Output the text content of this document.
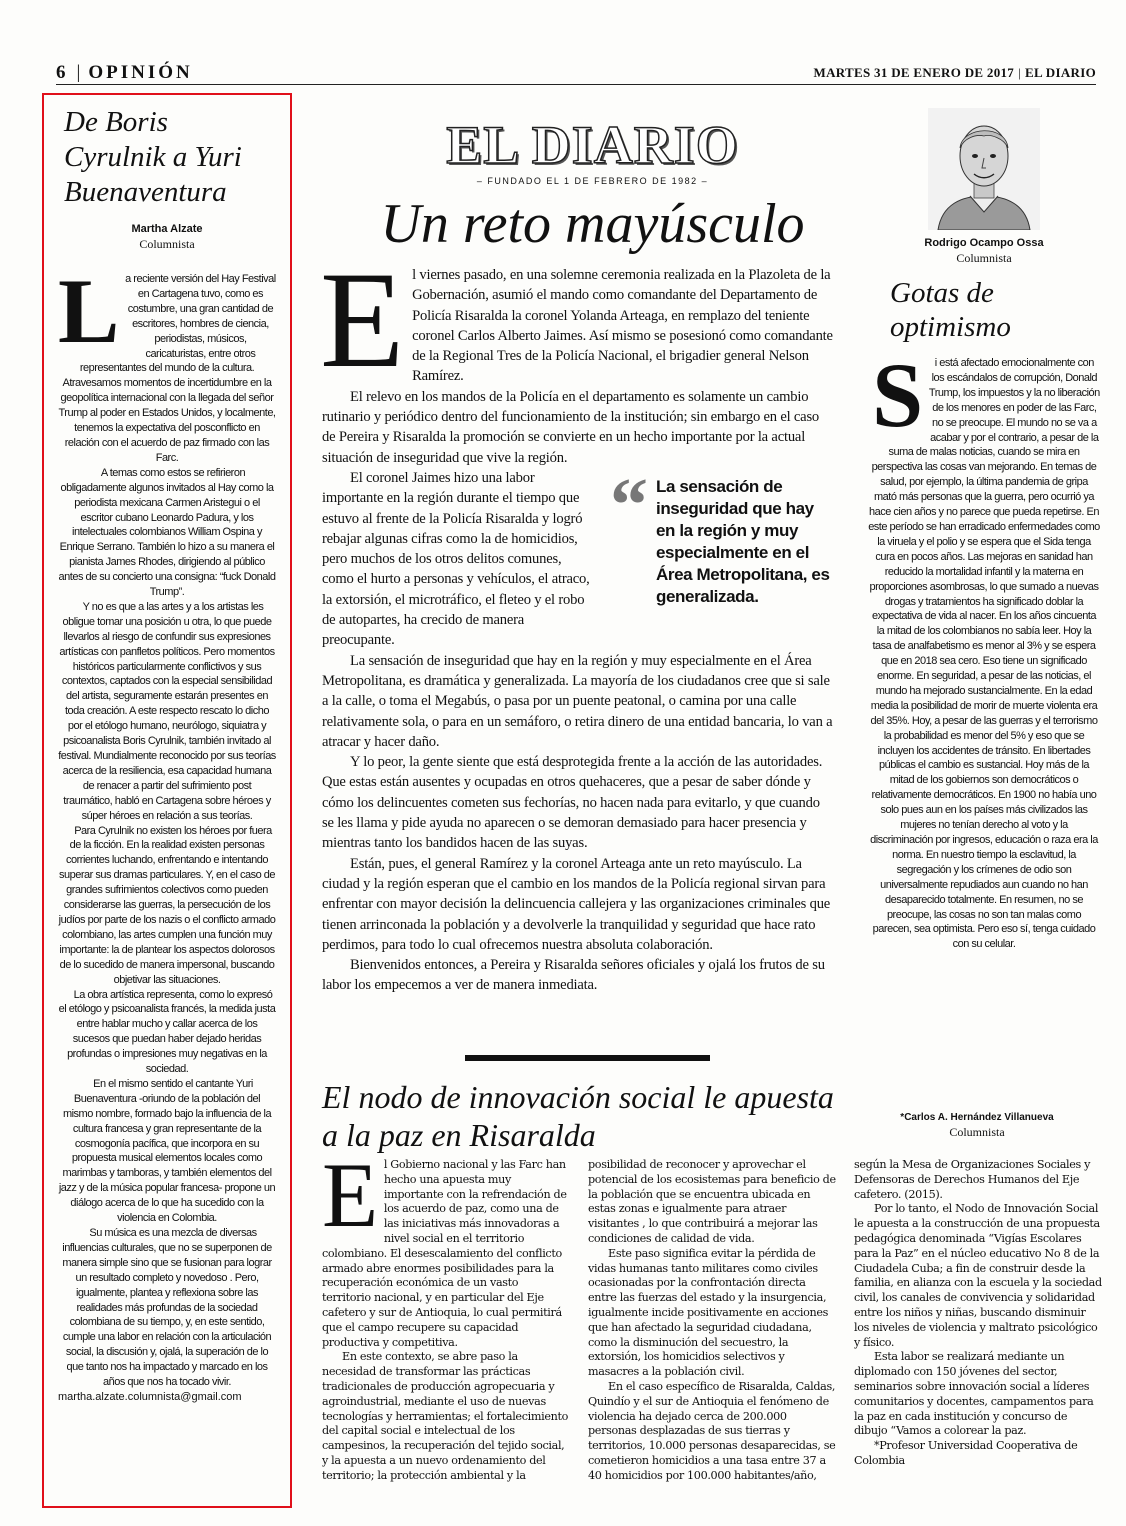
6 | OPINIÓN	MARTES 31 DE ENERO DE 2017 | EL DIARIO
De Boris Cyrulnik a Yuri Buenaventura
Martha Alzate
Columnista

La reciente versión del Hay Festival en Cartagena tuvo, como es costumbre, una gran cantidad de escritores, hombres de ciencia, periodistas, músicos, caricaturistas, entre otros representantes del mundo de la cultura. Atravesamos momentos de incertidumbre en la geopolítica internacional con la llegada del señor Trump al poder en Estados Unidos, y localmente, tenemos la expectativa del posconflicto en relación con el acuerdo de paz firmado con las Farc.

A temas como estos se refirieron obligadamente algunos invitados al Hay como la periodista mexicana Carmen Aristegui o el escritor cubano Leonardo Padura, y los intelectuales colombianos William Ospina y Enrique Serrano. También lo hizo a su manera el pianista James Rhodes, dirigiendo al público antes de su concierto una consigna: “fuck Donald Trump”.

Y no es que a las artes y a los artistas les obligue tomar una posición u otra, lo que puede llevarlos al riesgo de confundir sus expresiones artísticas con panfletos políticos. Pero momentos históricos particularmente conflictivos y sus contextos, captados con la especial sensibilidad del artista, seguramente estarán presentes en toda creación. A este respecto rescato lo dicho por el etólogo humano, neurólogo, siquiatra y psicoanalista Boris Cyrulnik, también invitado al festival. Mundialmente reconocido por sus teorías acerca de la resiliencia, esa capacidad humana de renacer a partir del sufrimiento post traumático, habló en Cartagena sobre héroes y súper héroes en relación a sus teorías.

Para Cyrulnik no existen los héroes por fuera de la ficción. En la realidad existen personas corrientes luchando, enfrentando e intentando superar sus dramas particulares. Y, en el caso de grandes sufrimientos colectivos como pueden considerarse las guerras, la persecución de los judíos por parte de los nazis o el conflicto armado colombiano, las artes cumplen una función muy importante: la de plantear los aspectos dolorosos de lo sucedido de manera impersonal, buscando objetivar las situaciones.

La obra artística representa, como lo expresó el etólogo y psicoanalista francés, la medida justa entre hablar mucho y callar acerca de los sucesos que puedan haber dejado heridas profundas o impresiones muy negativas en la sociedad.

En el mismo sentido el cantante Yuri Buenaventura -oriundo de la población del mismo nombre, formado bajo la influencia de la cultura francesa y gran representante de la cosmogonía pacífica, que incorpora en su propuesta musical elementos locales como marimbas y tamboras, y también elementos del jazz y de la música popular francesa- propone un diálogo acerca de lo que ha sucedido con la violencia en Colombia.

Su música es una mezcla de diversas influencias culturales, que no se superponen de manera simple sino que se fusionan para lograr un resultado completo y novedoso . Pero, igualmente, plantea y reflexiona sobre las realidades más profundas de la sociedad colombiana de su tiempo, y, en este sentido, cumple una labor en relación con la articulación social, la discusión y, ojalá, la superación de lo que tanto nos ha impactado y marcado en los años que nos ha tocado vivir.

martha.alzate.columnista@gmail.com
EL DIARIO
– FUNDADO EL 1 DE FEBRERO DE 1982 –
Un reto mayúsculo

El viernes pasado, en una solemne ceremonia realizada en la Plazoleta de la Gobernación, asumió el mando como comandante del Departamento de Policía Risaralda la coronel Yolanda Arteaga, en remplazo del teniente coronel Carlos Alberto Jaimes. Así mismo se posesionó como comandante de la Regional Tres de la Policía Nacional, el brigadier general Nelson Ramírez.

El relevo en los mandos de la Policía en el departamento es solamente un cambio rutinario y periódico dentro del funcionamiento de la institución; sin embargo en el caso de Pereira y Risaralda la promoción se convierte en un hecho importante por la actual situación de inseguridad que vive la región.

“ La sensación de inseguridad que hay en la región y muy especialmente en el Área Metropolitana, es generalizada.

El coronel Jaimes hizo una labor importante en la región durante el tiempo que estuvo al frente de la Policía Risaralda y logró rebajar algunas cifras como la de homicidios, pero muchos de los otros delitos comunes, como el hurto a personas y vehículos, el atraco, la extorsión, el microtráfico, el fleteo y el robo de autopartes, ha crecido de manera preocupante.

La sensación de inseguridad que hay en la región y muy especialmente en el Área Metropolitana, es dramática y generalizada. La mayoría de los ciudadanos cree que si sale a la calle, o toma el Megabús, o pasa por un puente peatonal, o camina por una calle relativamente sola, o para en un semáforo, o retira dinero de una entidad bancaria, lo van a atracar y hacer daño.

Y lo peor, la gente siente que está desprotegida frente a la acción de las autoridades. Que estas están ausentes y ocupadas en otros quehaceres, que a pesar de saber dónde y cómo los delincuentes cometen sus fechorías, no hacen nada para evitarlo, y que cuando se les llama y pide ayuda no aparecen o se demoran demasiado para hacer presencia y mientras tanto los bandidos hacen de las suyas.

Están, pues, el general Ramírez y la coronel Arteaga ante un reto mayúsculo. La ciudad y la región esperan que el cambio en los mandos de la Policía regional sirvan para enfrentar con mayor decisión la delincuencia callejera y las organizaciones criminales que tienen arrinconada la población y a devolverle la tranquilidad y seguridad que hace rato perdimos, para todo lo cual ofrecemos nuestra absoluta colaboración.

Bienvenidos entonces, a Pereira y Risaralda señores oficiales y ojalá los frutos de su labor los empecemos a ver de manera inmediata.

Rodrigo Ocampo Ossa
Columnista
Gotas de optimismo
S i está afectado emocionalmente con los escándalos de corrupción, Donald Trump, los impuestos y la no liberación de los menores en poder de las Farc, no se preocupe. El mundo no se va a acabar y por el contrario, a pesar de la suma de malas noticias, cuando se mira en perspectiva las cosas van mejorando. En temas de salud, por ejemplo, la última pandemia de gripa mató más personas que la guerra, pero ocurrió ya hace cien años y no parece que pueda repetirse. En este período se han erradicado enfermedades como la viruela y el polio y se espera que el Sida tenga cura en pocos años. Las mejoras en sanidad han reducido la mortalidad infantil y la materna en proporciones asombrosas, lo que sumado a nuevas drogas y tratamientos ha significado doblar la expectativa de vida al nacer. En los años cincuenta la mitad de los colombianos no sabía leer. Hoy la tasa de analfabetismo es menor al 3% y se espera que en 2018 sea cero. Eso tiene un significado enorme. En seguridad, a pesar de las noticias, el mundo ha mejorado sustancialmente. En la edad media la posibilidad de morir de muerte violenta era del 35%. Hoy, a pesar de las guerras y el terrorismo la probabilidad es menor del 5% y eso que se incluyen los accidentes de tránsito. En libertades públicas el cambio es sustancial. Hoy más de la mitad de los gobiernos son democráticos o relativamente democráticos. En 1900 no había uno solo pues aun en los países más civilizados las mujeres no tenían derecho al voto y la discriminación por ingresos, educación o raza era la norma. En nuestro tiempo la esclavitud, la segregación y los crímenes de odio son universalmente repudiados aun cuando no han desaparecido totalmente. En resumen, no se preocupe, las cosas no son tan malas como parecen, sea optimista. Pero eso sí, tenga cuidado con su celular.
El nodo de innovación social le apuesta a la paz en Risaralda	*Carlos A. Hernández Villanueva
Columnista

El Gobierno nacional y las Farc han hecho una apuesta muy importante con la refrendación de los acuerdo de paz, como una de las iniciativas más innovadoras a nivel social en el territorio colombiano. El desescalamiento del conflicto armado abre enormes posibilidades para la recuperación económica de un vasto territorio nacional, y en particular del Eje cafetero y sur de Antioquia, lo cual permitirá que el campo recupere su capacidad productiva y competitiva.

En este contexto, se abre paso la necesidad de transformar las prácticas tradicionales de producción agropecuaria y agroindustrial, mediante el uso de nuevas tecnologías y herramientas; el fortalecimiento del capital social e intelectual de los campesinos, la recuperación del tejido social, y la apuesta a un nuevo ordenamiento del territorio; la protección ambiental y la posibilidad de reconocer y aprovechar el potencial de los ecosistemas para beneficio de la población que se encuentra ubicada en estas zonas e igualmente para atraer visitantes , lo que contribuirá a mejorar las condiciones de calidad de vida.

Este paso significa evitar la pérdida de vidas humanas tanto militares como civiles ocasionadas por la confrontación directa entre las fuerzas del estado y la insurgencia, igualmente incide positivamente en acciones que han afectado la seguridad ciudadana, como la disminución del secuestro, la extorsión, los homicidios selectivos y masacres a la población civil.

En el caso específico de Risaralda, Caldas, Quindío y el sur de Antioquia el fenómeno de violencia ha dejado cerca de 200.000 personas desplazadas de sus tierras y territorios, 10.000 personas desaparecidas, se cometieron homicidios a una tasa entre 37 a 40 homicidios por 100.000 habitantes/año, según la Mesa de Organizaciones Sociales y Defensoras de Derechos Humanos del Eje cafetero. (2015).

Por lo tanto, el Nodo de Innovación Social le apuesta a la construcción de una propuesta pedagógica denominada “Vigías Escolares para la Paz” en el núcleo educativo No 8 de la Ciudadela Cuba; a fin de construir desde la familia, en alianza con la escuela y la sociedad civil, los canales de convivencia y solidaridad entre los niños y niñas, buscando disminuir los niveles de violencia y maltrato psicológico y físico.

Esta labor se realizará mediante un diplomado con 150 jóvenes del sector, seminarios sobre innovación social a líderes comunitarios y docentes, campamentos para la paz en cada institución y concurso de dibujo “Vamos a colorear la paz.

*Profesor Universidad Cooperativa de Colombia
